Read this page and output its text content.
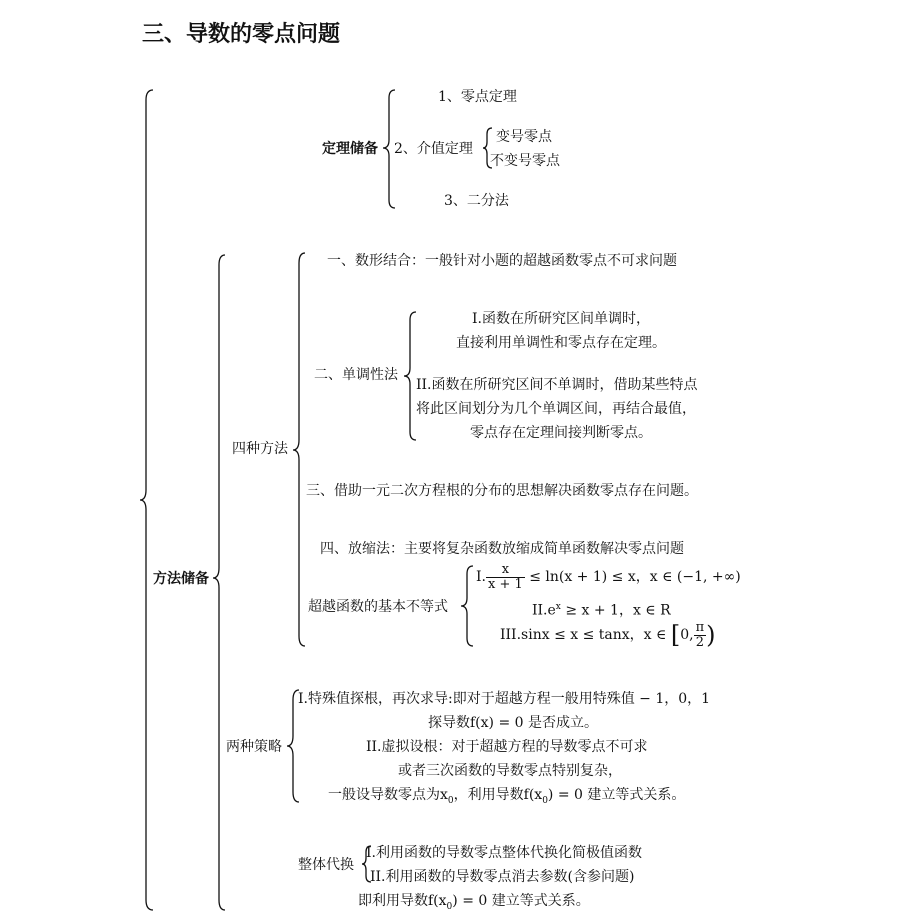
三、导数的零点问题
定理储备
1、零点定理
2、介值定理
变号零点
不变号零点
3、二分法
方法储备
四种方法
一、数形结合：一般针对小题的超越函数零点不可求问题
二、单调性法
I.函数在所研究区间单调时，
直接利用单调性和零点存在定理。
II.函数在所研究区间不单调时，借助某些特点
将此区间划分为几个单调区间，再结合最值，
零点存在定理间接判断零点。
三、借助一元二次方程根的分布的思想解决函数零点存在问题。
四、放缩法：主要将复杂函数放缩成简单函数解决零点问题
超越函数的基本不等式
I. $\frac{x}{x + 1} \le \ln(x + 1) \le x$，x ∈ (−1, +∞)
$II.e^x \ge x + 1$，x ∈ R
III.sinx ≤ x ≤ tanx，x ∈ [0, $\frac{\pi}{2}$ )
两种策略
I.特殊值探根，再次求导:即对于超越方程一般用特殊值 − 1，0，1
探导数f(x) = 0 是否成立。
II.虚拟设根：对于超越方程的导数零点不可求
或者三次函数的导数零点特别复杂，
一般设导数零点为$x_0$，利用导数$f(x_0) = 0$ 建立等式关系。
整体代换
I.利用函数的导数零点整体代换化简极值函数
II.利用函数的导数零点消去参数(含参问题)
即利用导数$f(x_0) = 0$ 建立等式关系。
